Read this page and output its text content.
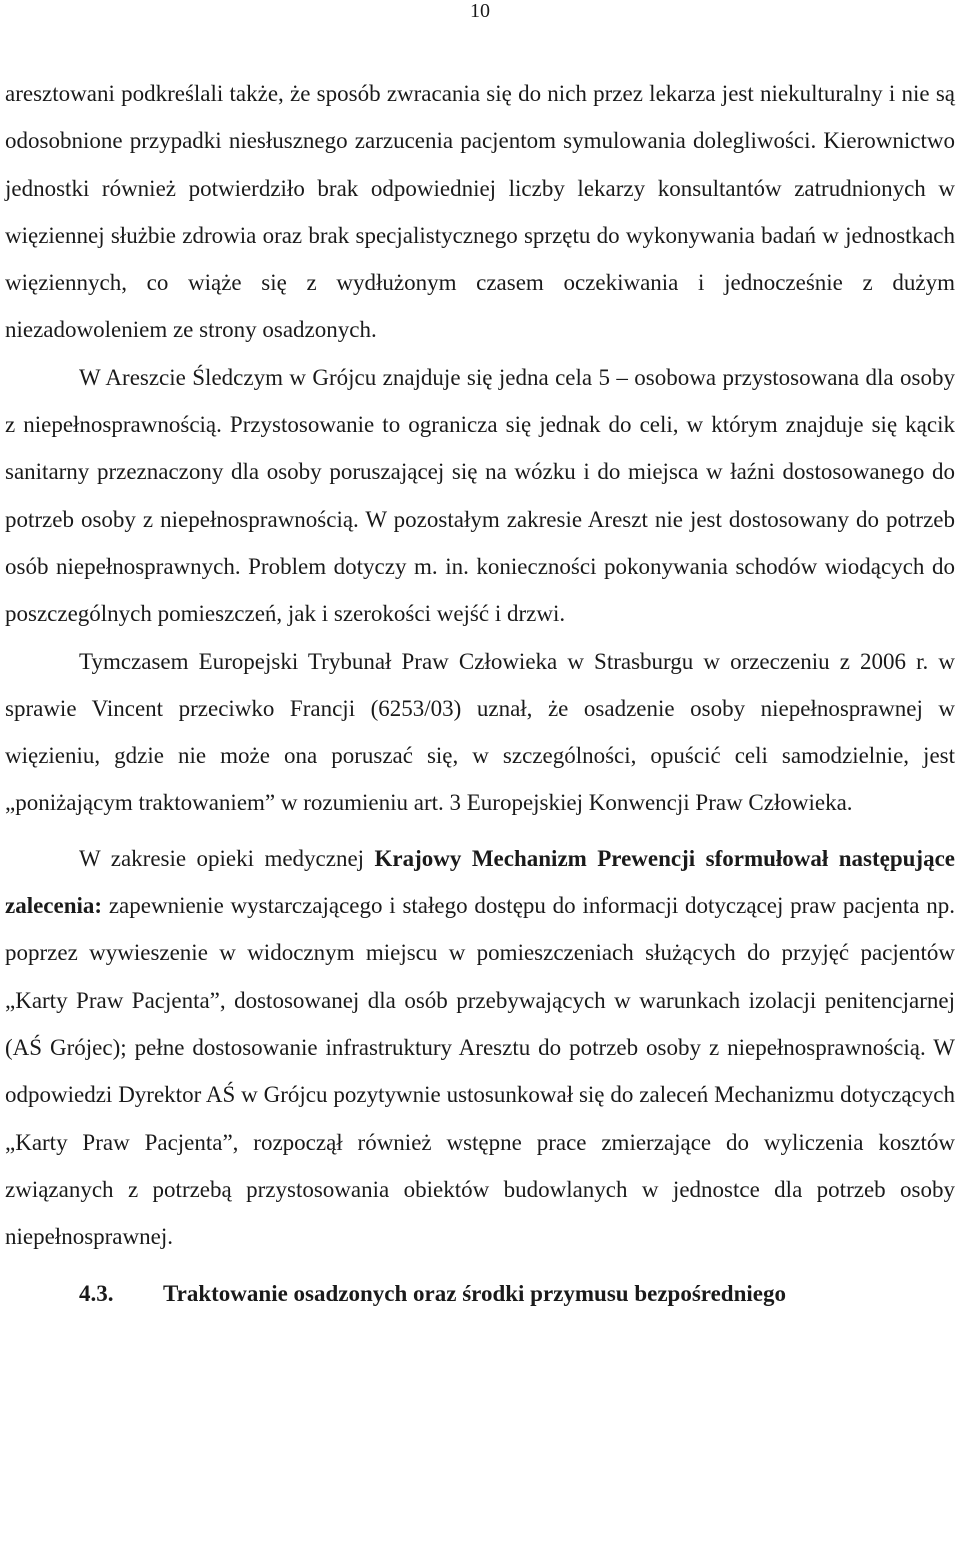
10

aresztowani podkreślali także, że sposób zwracania się do nich przez lekarza jest niekulturalny i nie są odosobnione przypadki niesłusznego zarzucenia pacjentom symulowania dolegliwości. Kierownictwo jednostki również potwierdziło brak odpowiedniej liczby lekarzy konsultantów zatrudnionych w więziennej służbie zdrowia oraz brak specjalistycznego sprzętu do wykonywania badań w jednostkach więziennych, co wiąże się z wydłużonym czasem oczekiwania i jednocześnie z dużym niezadowoleniem ze strony osadzonych.

W Areszcie Śledczym w Grójcu znajduje się jedna cela 5 – osobowa przystosowana dla osoby z niepełnosprawnością. Przystosowanie to ogranicza się jednak do celi, w którym znajduje się kącik sanitarny przeznaczony dla osoby poruszającej się na wózku i do miejsca w łaźni dostosowanego do potrzeb osoby z niepełnosprawnością. W pozostałym zakresie Areszt nie jest dostosowany do potrzeb osób niepełnosprawnych. Problem dotyczy m. in. konieczności pokonywania schodów wiodących do poszczególnych pomieszczeń, jak i szerokości wejść i drzwi.

Tymczasem Europejski Trybunał Praw Człowieka w Strasburgu w orzeczeniu z 2006 r. w sprawie Vincent przeciwko Francji (6253/03) uznał, że osadzenie osoby niepełnosprawnej w więzieniu, gdzie nie może ona poruszać się, w szczególności, opuścić celi samodzielnie, jest „poniżającym traktowaniem” w rozumieniu art. 3 Europejskiej Konwencji Praw Człowieka.

W zakresie opieki medycznej Krajowy Mechanizm Prewencji sformułował następujące zalecenia: zapewnienie wystarczającego i stałego dostępu do informacji dotyczącej praw pacjenta np. poprzez wywieszenie w widocznym miejscu w pomieszczeniach służących do przyjęć pacjentów „Karty Praw Pacjenta”, dostosowanej dla osób przebywających w warunkach izolacji penitencjarnej (AŚ Grójec); pełne dostosowanie infrastruktury Aresztu do potrzeb osoby z niepełnosprawnością. W odpowiedzi Dyrektor AŚ w Grójcu pozytywnie ustosunkował się do zaleceń Mechanizmu dotyczących „Karty Praw Pacjenta”, rozpoczął również wstępne prace zmierzające do wyliczenia kosztów związanych z potrzebą przystosowania obiektów budowlanych w jednostce dla potrzeb osoby niepełnosprawnej.

4.3. Traktowanie osadzonych oraz środki przymusu bezpośredniego
